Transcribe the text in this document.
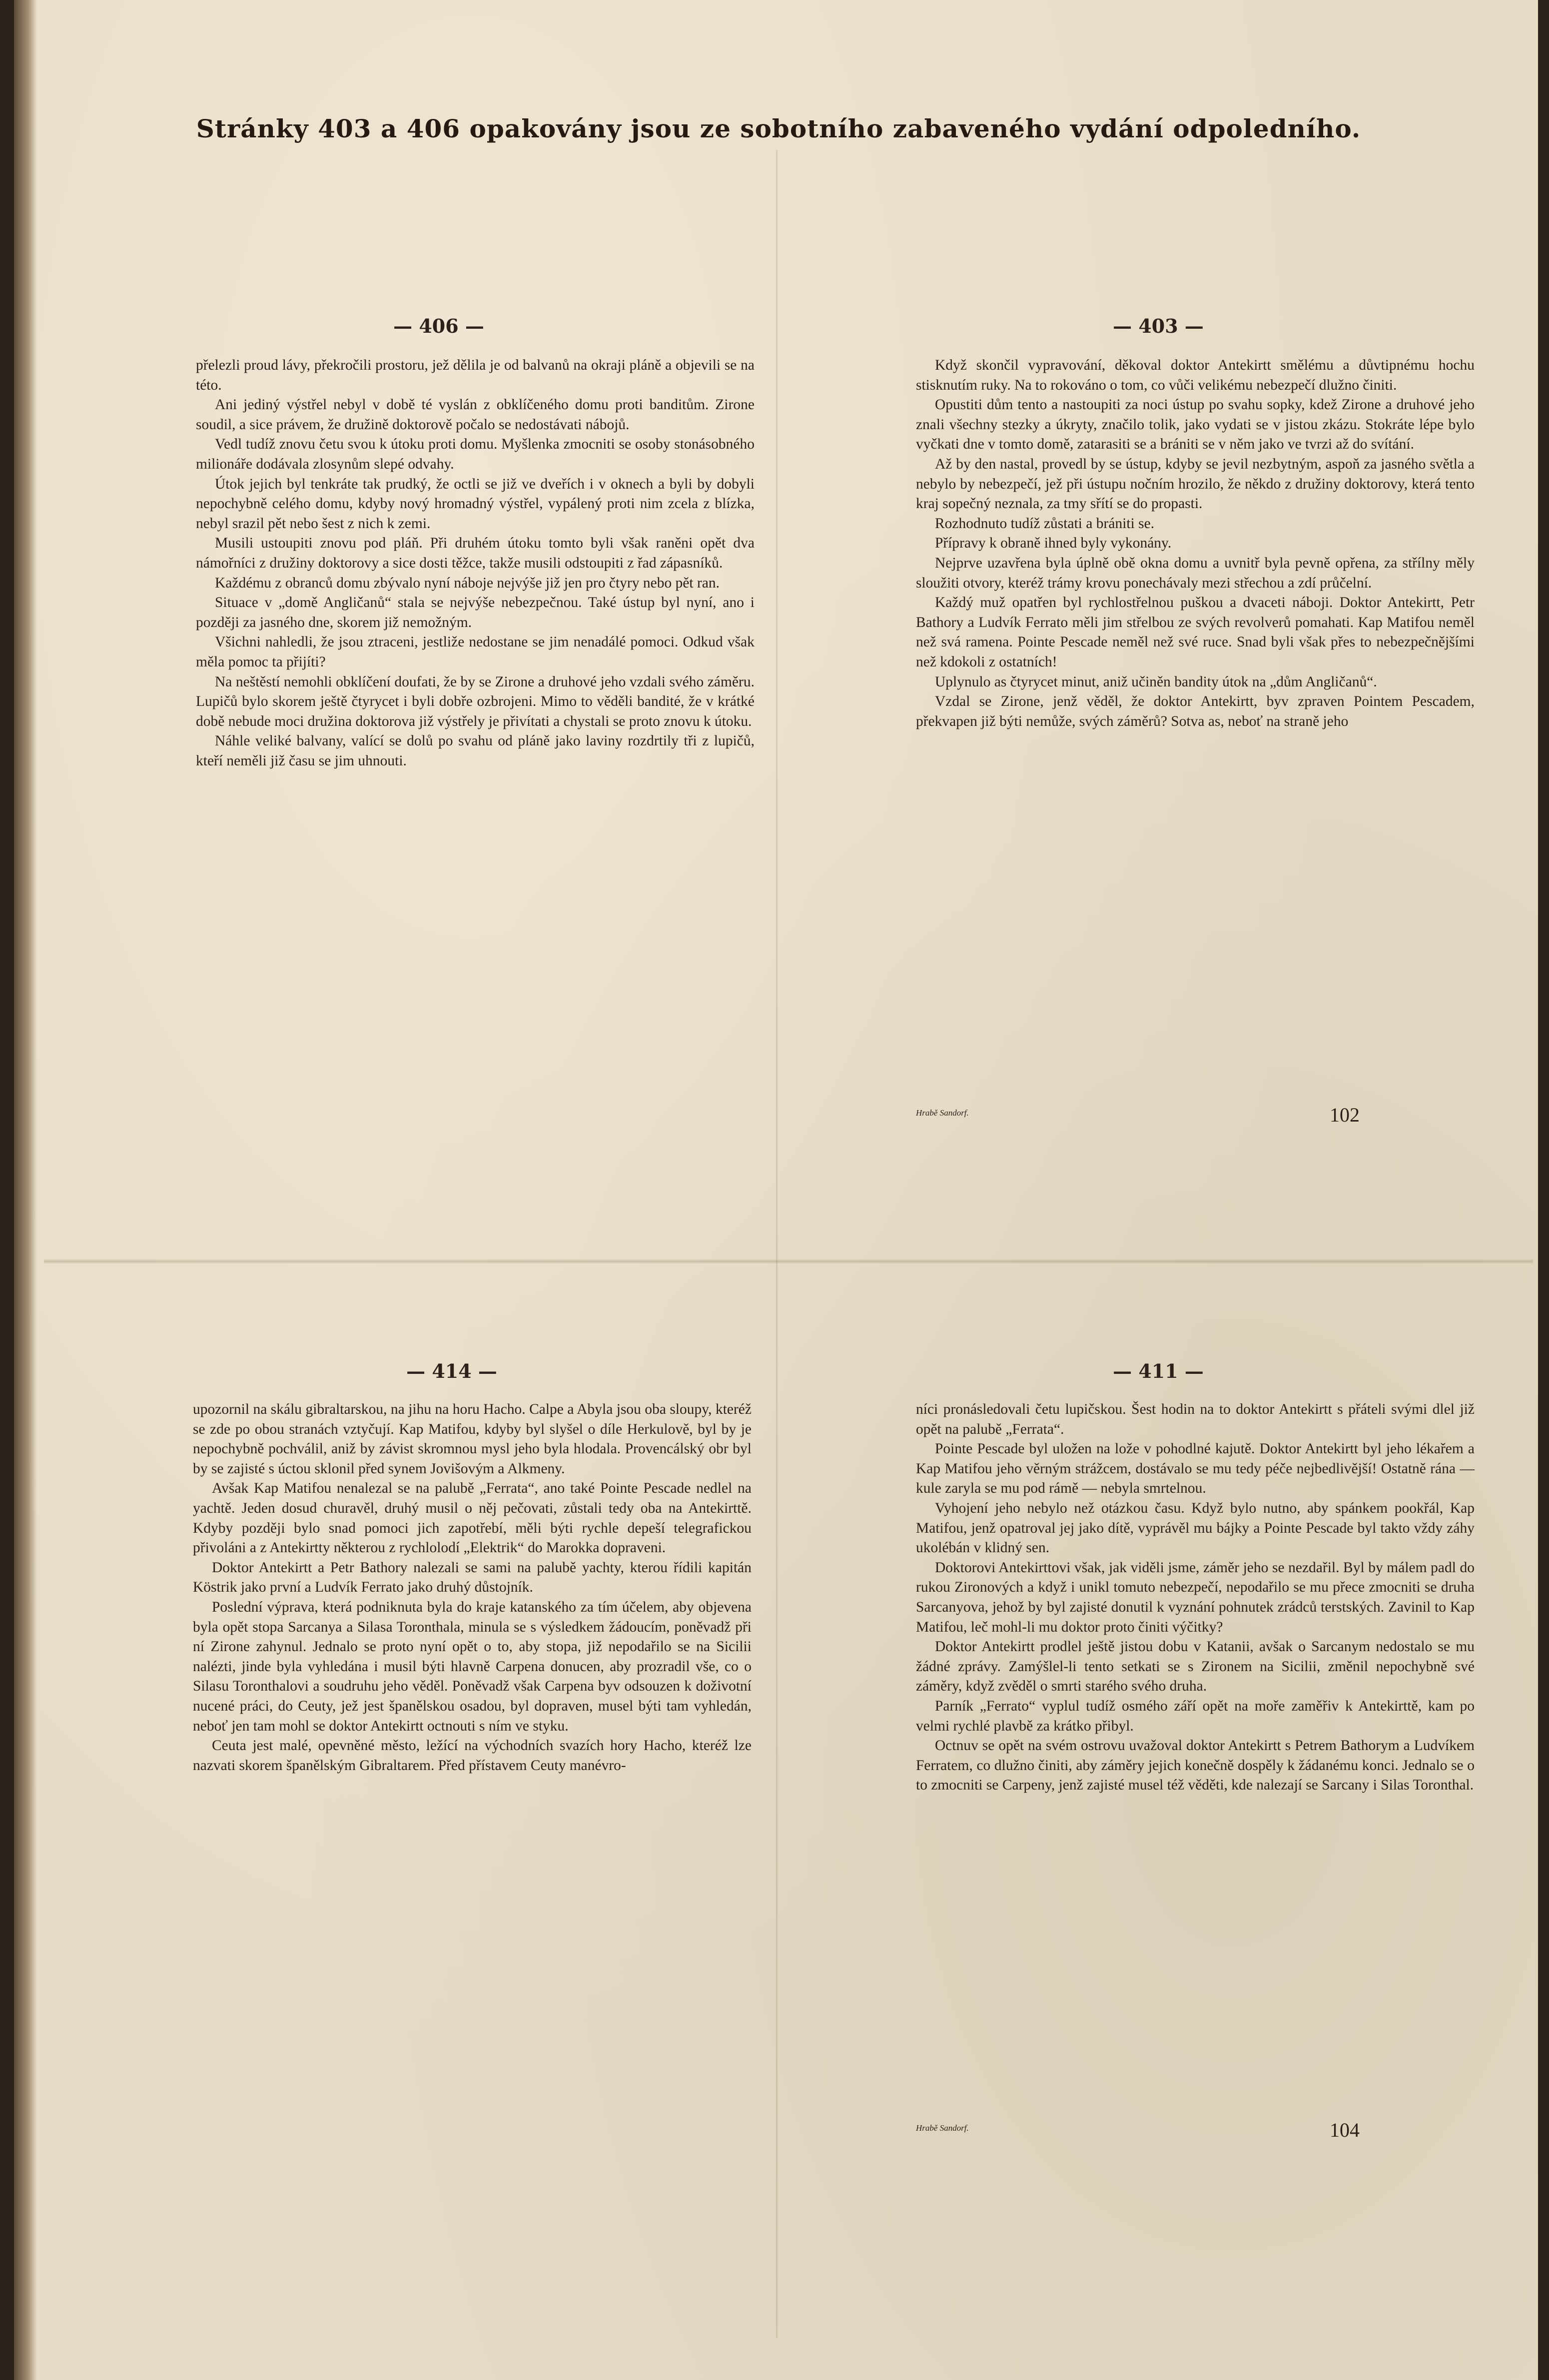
Stránky 403 a 406 opakovány jsou ze sobotního zabaveného vydání odpoledního.
— 406 —

přelezli proud lávy, překročili prostoru, jež dělila je od balvanů na okraji pláně a objevili se na této.

Ani jediný výstřel nebyl v době té vyslán z obklíčeného domu proti banditům. Zirone soudil, a sice právem, že družině doktorově počalo se nedostávati nábojů.

Vedl tudíž znovu četu svou k útoku proti domu. Myšlenka zmocniti se osoby stonásobného milionáře dodávala zlosynům slepé odvahy.

Útok jejich byl tenkráte tak prudký, že octli se již ve dveřích i v oknech a byli by dobyli nepochybně celého domu, kdyby nový hromadný výstřel, vypálený proti nim zcela z blízka, nebyl srazil pět nebo šest z nich k zemi.

Musili ustoupiti znovu pod pláň. Při druhém útoku tomto byli však raněni opět dva námořníci z družiny doktorovy a sice dosti těžce, takže musili odstoupiti z řad zápasníků.

Každému z obranců domu zbývalo nyní náboje nejvýše již jen pro čtyry nebo pět ran.

Situace v „domě Angličanů“ stala se nejvýše nebezpečnou. Také ústup byl nyní, ano i později za jasného dne, skorem již nemožným.

Všichni nahledli, že jsou ztraceni, jestliže nedostane se jim nenadálé pomoci. Odkud však měla pomoc ta přijíti?

Na neštěstí nemohli obklíčení doufati, že by se Zirone a druhové jeho vzdali svého záměru. Lupičů bylo skorem ještě čtyrycet i byli dobře ozbrojeni. Mimo to věděli bandité, že v krátké době nebude moci družina doktorova již výstřely je přivítati a chystali se proto znovu k útoku.

Náhle veliké balvany, valící se dolů po svahu od pláně jako laviny rozdrtily tři z lupičů, kteří neměli již času se jim uhnouti.

— 403 —

Když skončil vypravování, děkoval doktor Antekirtt smělému a důvtipnému hochu stisknutím ruky. Na to rokováno o tom, co vůči velikému nebezpečí dlužno činiti.

Opustiti dům tento a nastoupiti za noci ústup po svahu sopky, kdež Zirone a druhové jeho znali všechny stezky a úkryty, značilo tolik, jako vydati se v jistou zkázu. Stokráte lépe bylo vyčkati dne v tomto domě, zatarasiti se a brániti se v něm jako ve tvrzi až do svítání.

Až by den nastal, provedl by se ústup, kdyby se jevil nezbytným, aspoň za jasného světla a nebylo by nebezpečí, jež při ústupu nočním hrozilo, že někdo z družiny doktorovy, která tento kraj sopečný neznala, za tmy sřítí se do propasti.

Rozhodnuto tudíž zůstati a brániti se.

Přípravy k obraně ihned byly vykonány.

Nejprve uzavřena byla úplně obě okna domu a uvnitř byla pevně opřena, za střílny měly sloužiti otvory, kteréž trámy krovu ponechávaly mezi střechou a zdí průčelní.

Každý muž opatřen byl rychlostřelnou puškou a dvaceti náboji. Doktor Antekirtt, Petr Bathory a Ludvík Ferrato měli jim střelbou ze svých revolverů pomahati. Kap Matifou neměl než svá ramena. Pointe Pescade neměl než své ruce. Snad byli však přes to nebezpečnějšími než kdokoli z ostatních!

Uplynulo as čtyrycet minut, aniž učiněn bandity útok na „dům Angličanů“.

Vzdal se Zirone, jenž věděl, že doktor Antekirtt, byv zpraven Pointem Pescadem, překvapen již býti nemůže, svých záměrů? Sotva as, neboť na straně jeho

Hrabě Sandorf.	102
— 414 —

upozornil na skálu gibraltarskou, na jihu na horu Hacho. Calpe a Abyla jsou oba sloupy, kteréž se zde po obou stranách vztyčují. Kap Matifou, kdyby byl slyšel o díle Herkulově, byl by je nepochybně pochválil, aniž by závist skromnou mysl jeho byla hlodala. Provencálský obr byl by se zajisté s úctou sklonil před synem Jovišovým a Alkmeny.

Avšak Kap Matifou nenalezal se na palubě „Ferrata“, ano také Pointe Pescade nedlel na yachtě. Jeden dosud churavěl, druhý musil o něj pečovati, zůstali tedy oba na Antekirttě. Kdyby později bylo snad pomoci jich zapotřebí, měli býti rychle depeší telegrafickou přivoláni a z Antekirtty některou z rychlolodí „Elektrik“ do Marokka dopraveni.

Doktor Antekirtt a Petr Bathory nalezali se sami na palubě yachty, kterou řídili kapitán Köstrik jako první a Ludvík Ferrato jako druhý důstojník.

Poslední výprava, která podniknuta byla do kraje katanského za tím účelem, aby objevena byla opět stopa Sarcanya a Silasa Toronthala, minula se s výsledkem žádoucím, poněvadž při ní Zirone zahynul. Jednalo se proto nyní opět o to, aby stopa, již nepodařilo se na Sicilii nalézti, jinde byla vyhledána i musil býti hlavně Carpena donucen, aby prozradil vše, co o Silasu Toronthalovi a soudruhu jeho věděl. Poněvadž však Carpena byv odsouzen k doživotní nucené práci, do Ceuty, jež jest španělskou osadou, byl dopraven, musel býti tam vyhledán, neboť jen tam mohl se doktor Antekirtt octnouti s ním ve styku.

Ceuta jest malé, opevněné město, ležící na východních svazích hory Hacho, kteréž lze nazvati skorem španělským Gibraltarem. Před přístavem Ceuty manévro-

— 411 —

níci pronásledovali četu lupičskou. Šest hodin na to doktor Antekirtt s přáteli svými dlel již opět na palubě „Ferrata“.

Pointe Pescade byl uložen na lože v pohodlné kajutě. Doktor Antekirtt byl jeho lékařem a Kap Matifou jeho věrným strážcem, dostávalo se mu tedy péče nejbedlivější! Ostatně rána — kule zaryla se mu pod rámě — nebyla smrtelnou.

Vyhojení jeho nebylo než otázkou času. Když bylo nutno, aby spánkem pookřál, Kap Matifou, jenž opatroval jej jako dítě, vyprávěl mu bájky a Pointe Pescade byl takto vždy záhy ukolébán v klidný sen.

Doktorovi Antekirttovi však, jak viděli jsme, záměr jeho se nezdařil. Byl by málem padl do rukou Zironových a když i unikl tomuto nebezpečí, nepodařilo se mu přece zmocniti se druha Sarcanyova, jehož by byl zajisté donutil k vyznání pohnutek zrádců terstských. Zavinil to Kap Matifou, leč mohl-li mu doktor proto činiti výčitky?

Doktor Antekirtt prodlel ještě jistou dobu v Katanii, avšak o Sarcanym nedostalo se mu žádné zprávy. Zamýšlel-li tento setkati se s Zironem na Sicilii, změnil nepochybně své záměry, když zvěděl o smrti starého svého druha.

Parník „Ferrato“ vyplul tudíž osmého září opět na moře zaměřiv k Antekirttě, kam po velmi rychlé plavbě za krátko přibyl.

Octnuv se opět na svém ostrovu uvažoval doktor Antekirtt s Petrem Bathorym a Ludvíkem Ferratem, co dlužno činiti, aby záměry jejich konečně dospěly k žádanému konci. Jednalo se o to zmocniti se Carpeny, jenž zajisté musel též věděti, kde nalezají se Sarcany i Silas Toronthal.

Hrabě Sandorf.	104
